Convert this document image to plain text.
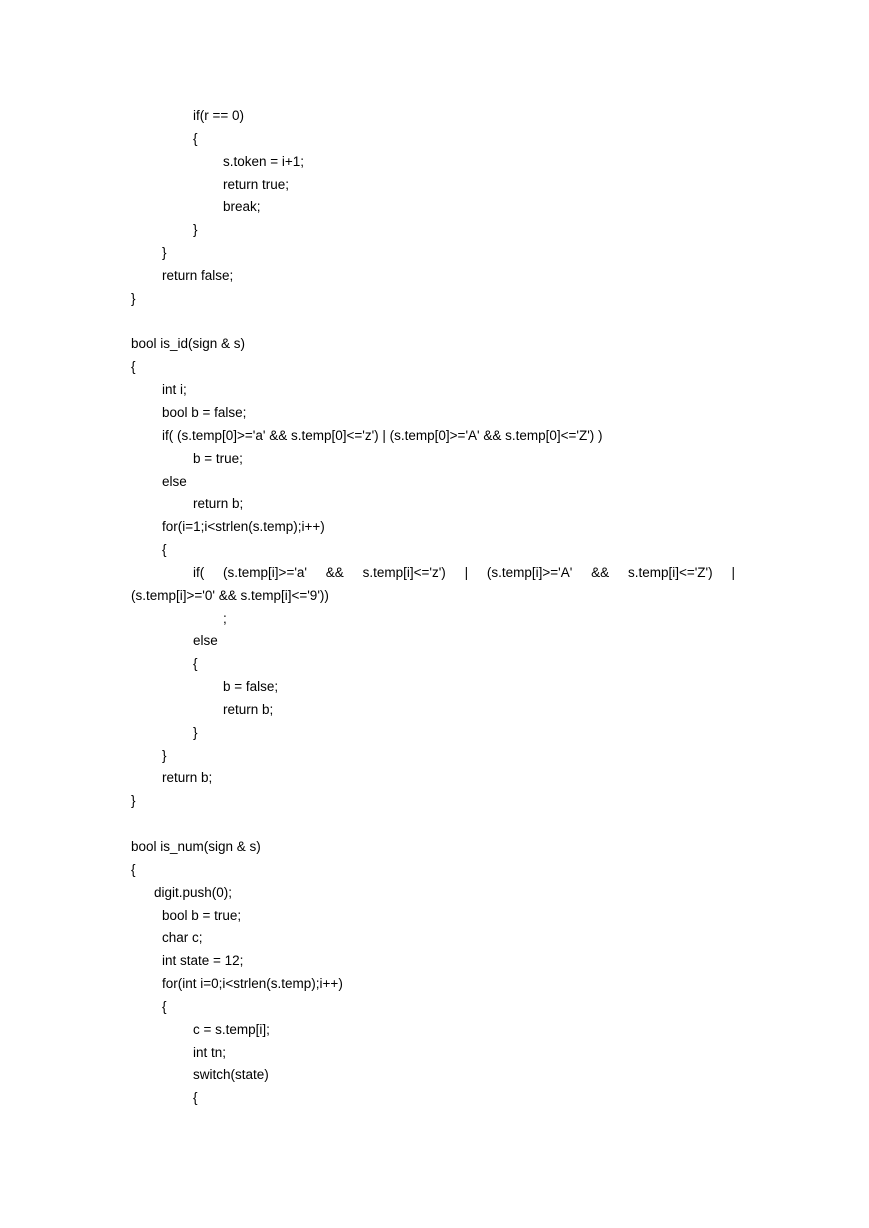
if(r == 0)
{
s.token = i+1;
return true;
break;
}
}
return false;
}
bool is_id(sign & s)
{
int i;
bool b = false;
if( (s.temp[0]>='a' && s.temp[0]<='z') | (s.temp[0]>='A' && s.temp[0]<='Z') )
b = true;
else
return b;
for(i=1;i<strlen(s.temp);i++)
{
if( (s.temp[i]>='a' && s.temp[i]<='z') | (s.temp[i]>='A' && s.temp[i]<='Z') |
(s.temp[i]>='0' && s.temp[i]<='9'))
;
else
{
b = false;
return b;
}
}
return b;
}
bool is_num(sign & s)
{
digit.push(0);
bool b = true;
char c;
int state = 12;
for(int i=0;i<strlen(s.temp);i++)
{
c = s.temp[i];
int tn;
switch(state)
{
